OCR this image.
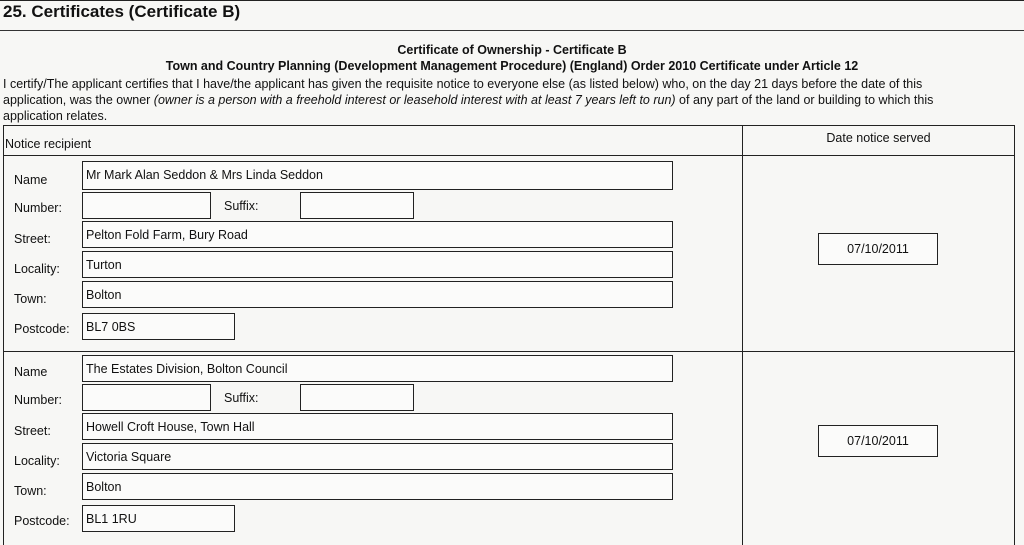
25. Certificates (Certificate B)
Certificate of Ownership - Certificate B
Town and Country Planning (Development Management Procedure) (England) Order 2010 Certificate under Article 12
I certify/The applicant certifies that I have/the applicant has given the requisite notice to everyone else (as listed below) who, on the day 21 days before the date of this
application, was the owner (owner is a person with a freehold interest or leasehold interest with at least 7 years left to run) of any part of the land or building to which this
application relates.
Notice recipient	Date notice served
Name	Mr Mark Alan Seddon & Mrs Linda Seddon
Number:	Suffix:
Street:	Pelton Fold Farm, Bury Road
Locality:	Turton
Town:	Bolton
Postcode:	BL7 0BS
07/10/2011
Name	The Estates Division, Bolton Council
Number:	Suffix:
Street:	Howell Croft House, Town Hall
Locality:	Victoria Square
Town:	Bolton
Postcode:	BL1 1RU
07/10/2011
